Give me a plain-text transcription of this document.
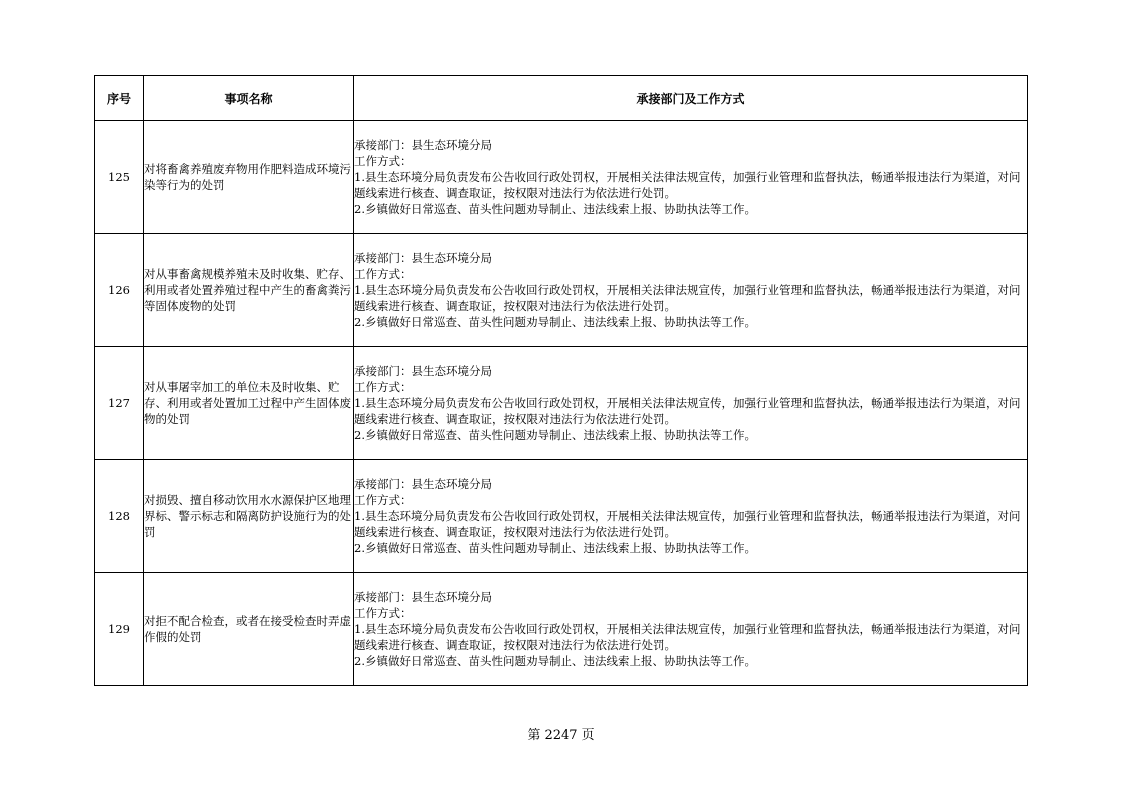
序号	事项名称	承接部门及工作方式
125	对将畜禽养殖废弃物用作肥料造成环境污染等行为的处罚	承接部门：县生态环境分局
工作方式：
1.县生态环境分局负责发布公告收回行政处罚权，开展相关法律法规宣传，加强行业管理和监督执法，畅通举报违法行为渠道，对问题线索进行核查、调查取证，按权限对违法行为依法进行处罚。
2.乡镇做好日常巡查、苗头性问题劝导制止、违法线索上报、协助执法等工作。

126	对从事畜禽规模养殖未及时收集、贮存、利用或者处置养殖过程中产生的畜禽粪污等固体废物的处罚	承接部门：县生态环境分局
工作方式：
1.县生态环境分局负责发布公告收回行政处罚权，开展相关法律法规宣传，加强行业管理和监督执法，畅通举报违法行为渠道，对问题线索进行核查、调查取证，按权限对违法行为依法进行处罚。
2.乡镇做好日常巡查、苗头性问题劝导制止、违法线索上报、协助执法等工作。

127	对从事屠宰加工的单位未及时收集、贮存、利用或者处置加工过程中产生固体废物的处罚	承接部门：县生态环境分局
工作方式：
1.县生态环境分局负责发布公告收回行政处罚权，开展相关法律法规宣传，加强行业管理和监督执法，畅通举报违法行为渠道，对问题线索进行核查、调查取证，按权限对违法行为依法进行处罚。
2.乡镇做好日常巡查、苗头性问题劝导制止、违法线索上报、协助执法等工作。

128	对损毁、擅自移动饮用水水源保护区地理界标、警示标志和隔离防护设施行为的处罚	承接部门：县生态环境分局
工作方式：
1.县生态环境分局负责发布公告收回行政处罚权，开展相关法律法规宣传，加强行业管理和监督执法，畅通举报违法行为渠道，对问题线索进行核查、调查取证，按权限对违法行为依法进行处罚。
2.乡镇做好日常巡查、苗头性问题劝导制止、违法线索上报、协助执法等工作。

129	对拒不配合检查，或者在接受检查时弄虚作假的处罚	承接部门：县生态环境分局
工作方式：
1.县生态环境分局负责发布公告收回行政处罚权，开展相关法律法规宣传，加强行业管理和监督执法，畅通举报违法行为渠道，对问题线索进行核查、调查取证，按权限对违法行为依法进行处罚。
2.乡镇做好日常巡查、苗头性问题劝导制止、违法线索上报、协助执法等工作。
第 2247 页
